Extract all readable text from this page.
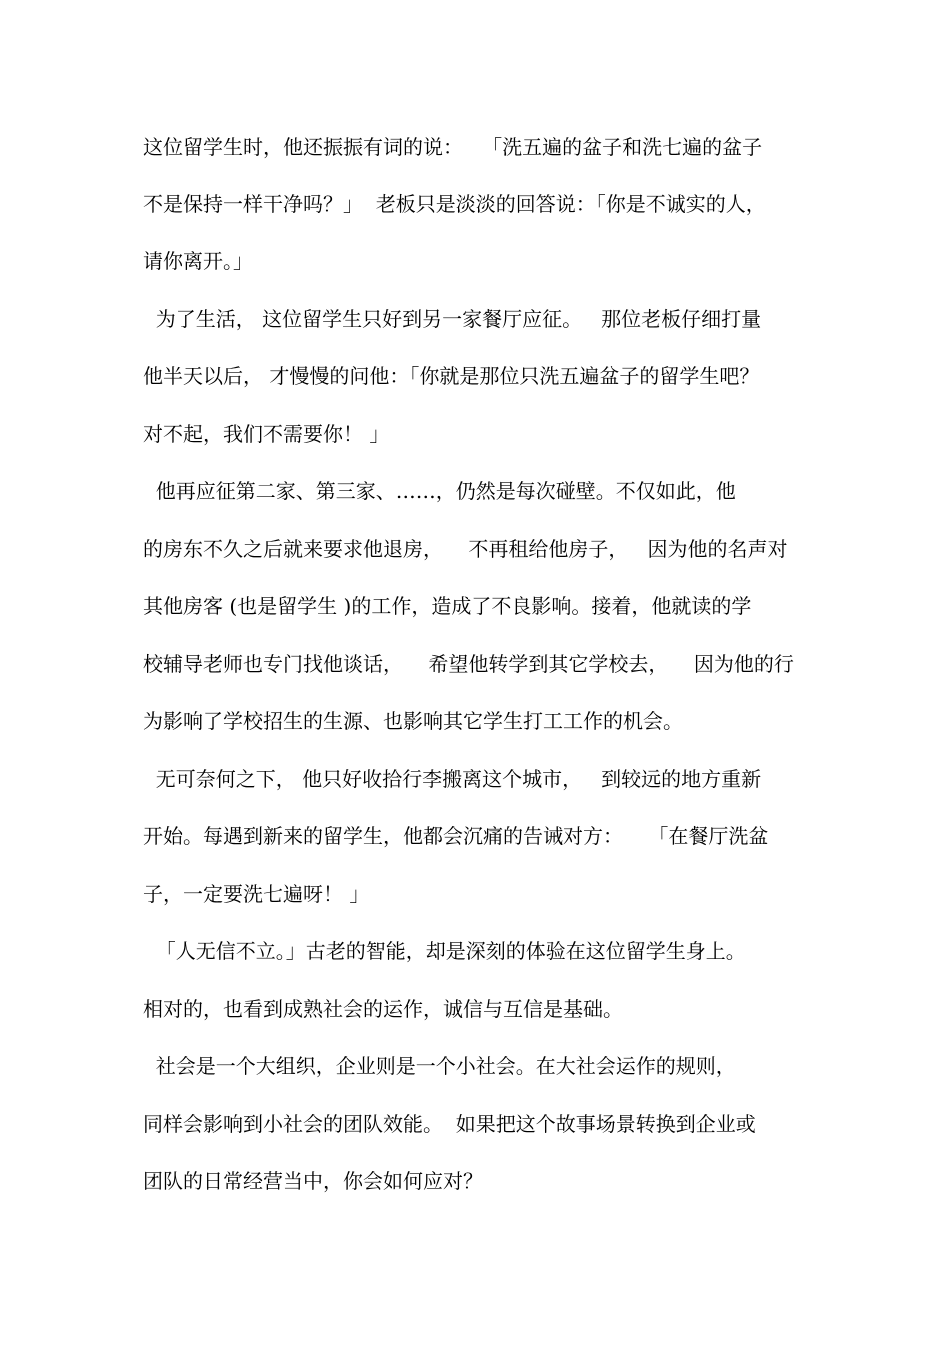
这位留学生时，他还振振有词的说：   「洗五遍的盆子和洗七遍的盆子
不是保持一样干净吗？」  老板只是淡淡的回答说：「你是不诚实的人，
请你离开。」
为了生活， 这位留学生只好到另一家餐厅应征。   那位老板仔细打量
他半天以后， 才慢慢的问他：「你就是那位只洗五遍盆子的留学生吧？
对不起，我们不需要你！ 」
他再应征第二家、第三家、……，仍然是每次碰壁。不仅如此，他
的房东不久之后就来要求他退房，    不再租给他房子，   因为他的名声对
其他房客 (也是留学生 )的工作，造成了不良影响。接着，他就读的学
校辅导老师也专门找他谈话，    希望他转学到其它学校去，    因为他的行
为影响了学校招生的生源、也影响其它学生打工工作的机会。
无可奈何之下， 他只好收拾行李搬离这个城市，   到较远的地方重新
开始。每遇到新来的留学生，他都会沉痛的告诫对方：    「在餐厅洗盆
子，一定要洗七遍呀！ 」
「人无信不立。」古老的智能，却是深刻的体验在这位留学生身上。
相对的，也看到成熟社会的运作，诚信与互信是基础。
社会是一个大组织，企业则是一个小社会。在大社会运作的规则，
同样会影响到小社会的团队效能。  如果把这个故事场景转换到企业或
团队的日常经营当中，你会如何应对？
